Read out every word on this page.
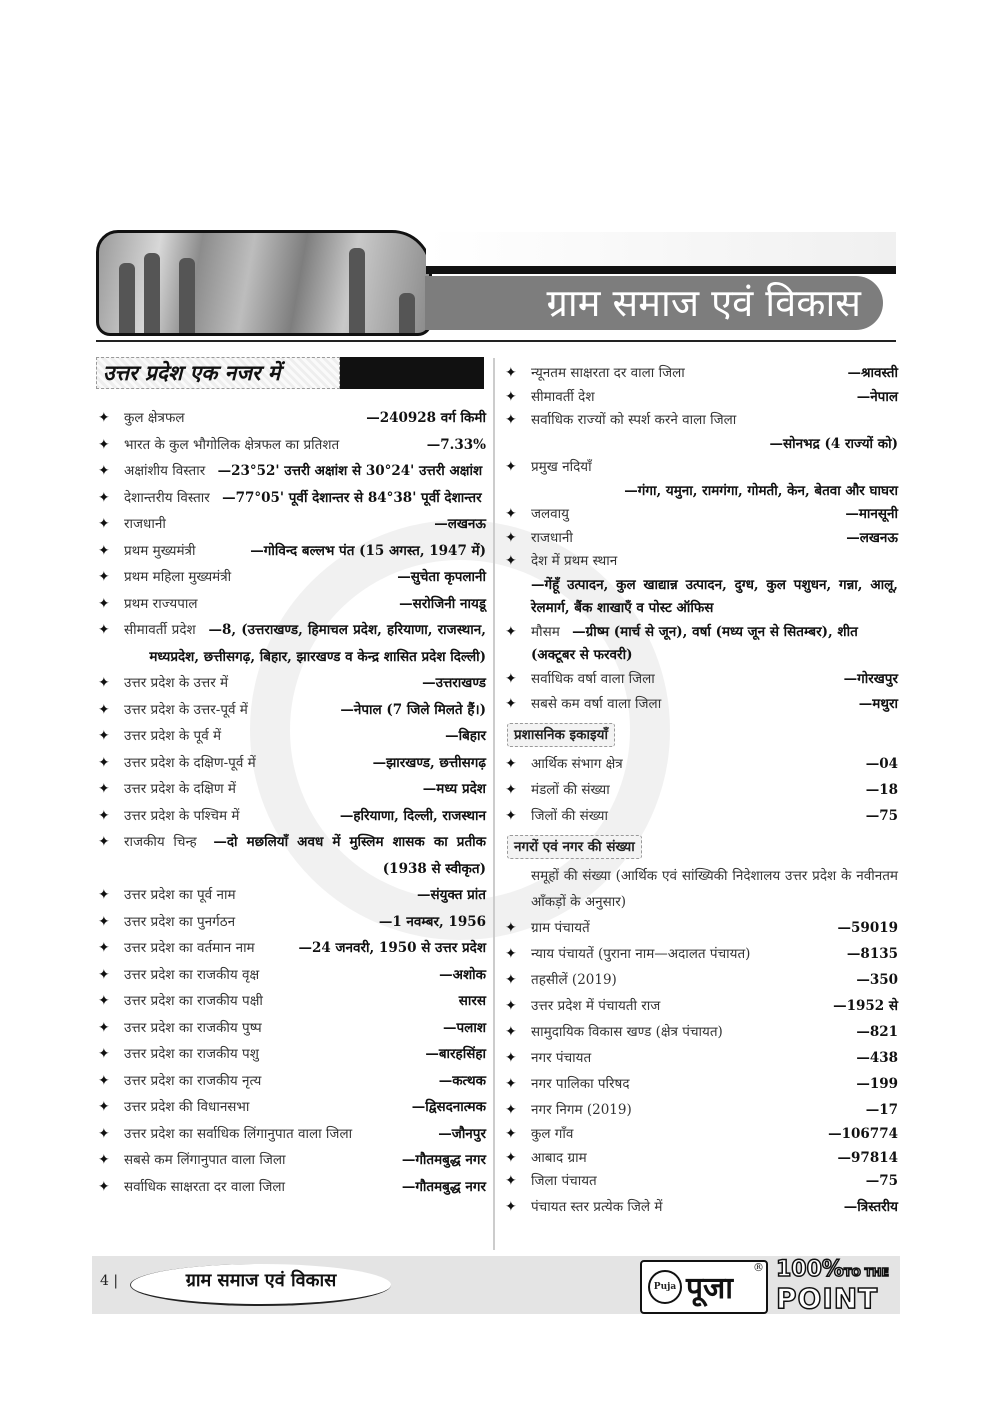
ग्राम समाज एवं विकास
उत्तर प्रदेश एक नजर में
✦ कुल क्षेत्रफल	—240928 वर्ग किमी
✦ भारत के कुल भौगोलिक क्षेत्रफल का प्रतिशत	—7.33%
✦ अक्षांशीय विस्तार —23°52' उत्तरी अक्षांश से 30°24' उत्तरी अक्षांश
✦ देशान्तरीय विस्तार —77°05' पूर्वी देशान्तर से 84°38' पूर्वी देशान्तर
✦ राजधानी	—लखनऊ
✦ प्रथम मुख्यमंत्री	—गोविन्द बल्लभ पंत (15 अगस्त, 1947 में)
✦ प्रथम महिला मुख्यमंत्री	—सुचेता कृपलानी
✦ प्रथम राज्यपाल	—सरोजिनी नायडू
✦ सीमावर्ती प्रदेश —8, (उत्तराखण्ड, हिमाचल प्रदेश, हरियाणा, राजस्थान, मध्यप्रदेश, छत्तीसगढ़, बिहार, झारखण्ड व केन्द्र शासित प्रदेश दिल्ली)
✦ उत्तर प्रदेश के उत्तर में	—उत्तराखण्ड
✦ उत्तर प्रदेश के उत्तर-पूर्व में	—नेपाल (7 जिले मिलते हैं।)
✦ उत्तर प्रदेश के पूर्व में	—बिहार
✦ उत्तर प्रदेश के दक्षिण-पूर्व में	—झारखण्ड, छत्तीसगढ़
✦ उत्तर प्रदेश के दक्षिण में	—मध्य प्रदेश
✦ उत्तर प्रदेश के पश्चिम में	—हरियाणा, दिल्ली, राजस्थान
✦ राजकीय चिन्ह —दो मछलियाँ अवध में मुस्लिम शासक का प्रतीक (1938 से स्वीकृत)
✦ उत्तर प्रदेश का पूर्व नाम	—संयुक्त प्रांत
✦ उत्तर प्रदेश का पुनर्गठन	—1 नवम्बर, 1956
✦ उत्तर प्रदेश का वर्तमान नाम	—24 जनवरी, 1950 से उत्तर प्रदेश
✦ उत्तर प्रदेश का राजकीय वृक्ष	—अशोक
✦ उत्तर प्रदेश का राजकीय पक्षी	सारस
✦ उत्तर प्रदेश का राजकीय पुष्प	—पलाश
✦ उत्तर प्रदेश का राजकीय पशु	—बारहसिंहा
✦ उत्तर प्रदेश का राजकीय नृत्य	—कत्थक
✦ उत्तर प्रदेश की विधानसभा	—द्विसदनात्मक
✦ उत्तर प्रदेश का सर्वाधिक लिंगानुपात वाला जिला	—जौनपुर
✦ सबसे कम लिंगानुपात वाला जिला	—गौतमबुद्ध नगर
✦ सर्वाधिक साक्षरता दर वाला जिला	—गौतमबुद्ध नगर
✦ न्यूनतम साक्षरता दर वाला जिला	—श्रावस्ती
✦ सीमावर्ती देश	—नेपाल
✦ सर्वाधिक राज्यों को स्पर्श करने वाला जिला
—सोनभद्र (4 राज्यों को)
✦ प्रमुख नदियाँ
—गंगा, यमुना, रामगंगा, गोमती, केन, बेतवा और घाघरा
✦ जलवायु	—मानसूनी
✦ राजधानी	—लखनऊ
✦ देश में प्रथम स्थान
—गेंहूँ उत्पादन, कुल खाद्यान्न उत्पादन, दुग्ध, कुल पशुधन, गन्ना, आलू, रेलमार्ग, बैंक शाखाएँ व पोस्ट ऑफिस
✦ मौसम —ग्रीष्म (मार्च से जून), वर्षा (मध्य जून से सितम्बर), शीत (अक्टूबर से फरवरी)
✦ सर्वाधिक वर्षा वाला जिला	—गोरखपुर
✦ सबसे कम वर्षा वाला जिला	—मथुरा
प्रशासनिक इकाइयाँ
✦ आर्थिक संभाग क्षेत्र	—04
✦ मंडलों की संख्या	—18
✦ जिलों की संख्या	—75
नगरों एवं नगर की संख्या
समूहों की संख्या (आर्थिक एवं सांख्यिकी निदेशालय उत्तर प्रदेश के नवीनतम आँकड़ों के अनुसार)
✦ ग्राम पंचायतें	—59019
✦ न्याय पंचायतें (पुराना नाम—अदालत पंचायत)	—8135
✦ तहसीलें (2019)	—350
✦ उत्तर प्रदेश में पंचायती राज	—1952 से
✦ सामुदायिक विकास खण्ड (क्षेत्र पंचायत)	—821
✦ नगर पंचायत	—438
✦ नगर पालिका परिषद	—199
✦ नगर निगम (2019)	—17
✦ कुल गाँव	—106774
✦ आबाद ग्राम	—97814
✦ जिला पंचायत	—75
✦ पंचायत स्तर प्रत्येक जिले में	—त्रिस्तरीय
4 |	ग्राम समाज एवं विकास	Puja पूजा
® 100%TO THE
POINT
